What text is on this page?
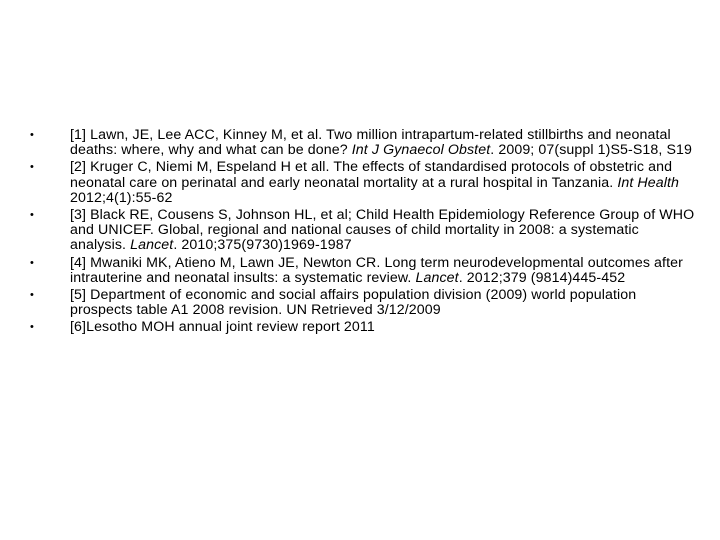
•	[1] Lawn, JE, Lee ACC, Kinney M, et al. Two million intrapartum-related stillbirths and neonatal deaths: where, why and what can be done? Int J Gynaecol Obstet. 2009; 07(suppl 1)S5-S18, S19
•	[2] Kruger C, Niemi M, Espeland H et all. The effects of standardised protocols of obstetric and neonatal care on perinatal and early neonatal mortality at a rural hospital in Tanzania. Int Health 2012;4(1):55-62
•	[3] Black RE, Cousens S, Johnson HL, et al; Child Health Epidemiology Reference Group of WHO and UNICEF. Global, regional and national causes of child mortality in 2008: a systematic analysis. Lancet. 2010;375(9730)1969-1987
•	[4] Mwaniki MK, Atieno M, Lawn JE, Newton CR. Long term neurodevelopmental outcomes after intrauterine and neonatal insults: a systematic review. Lancet. 2012;379 (9814)445-452
•	[5] Department of economic and social affairs population division (2009) world population prospects table A1 2008 revision. UN Retrieved 3/12/2009
•	[6]Lesotho MOH annual joint review report 2011
